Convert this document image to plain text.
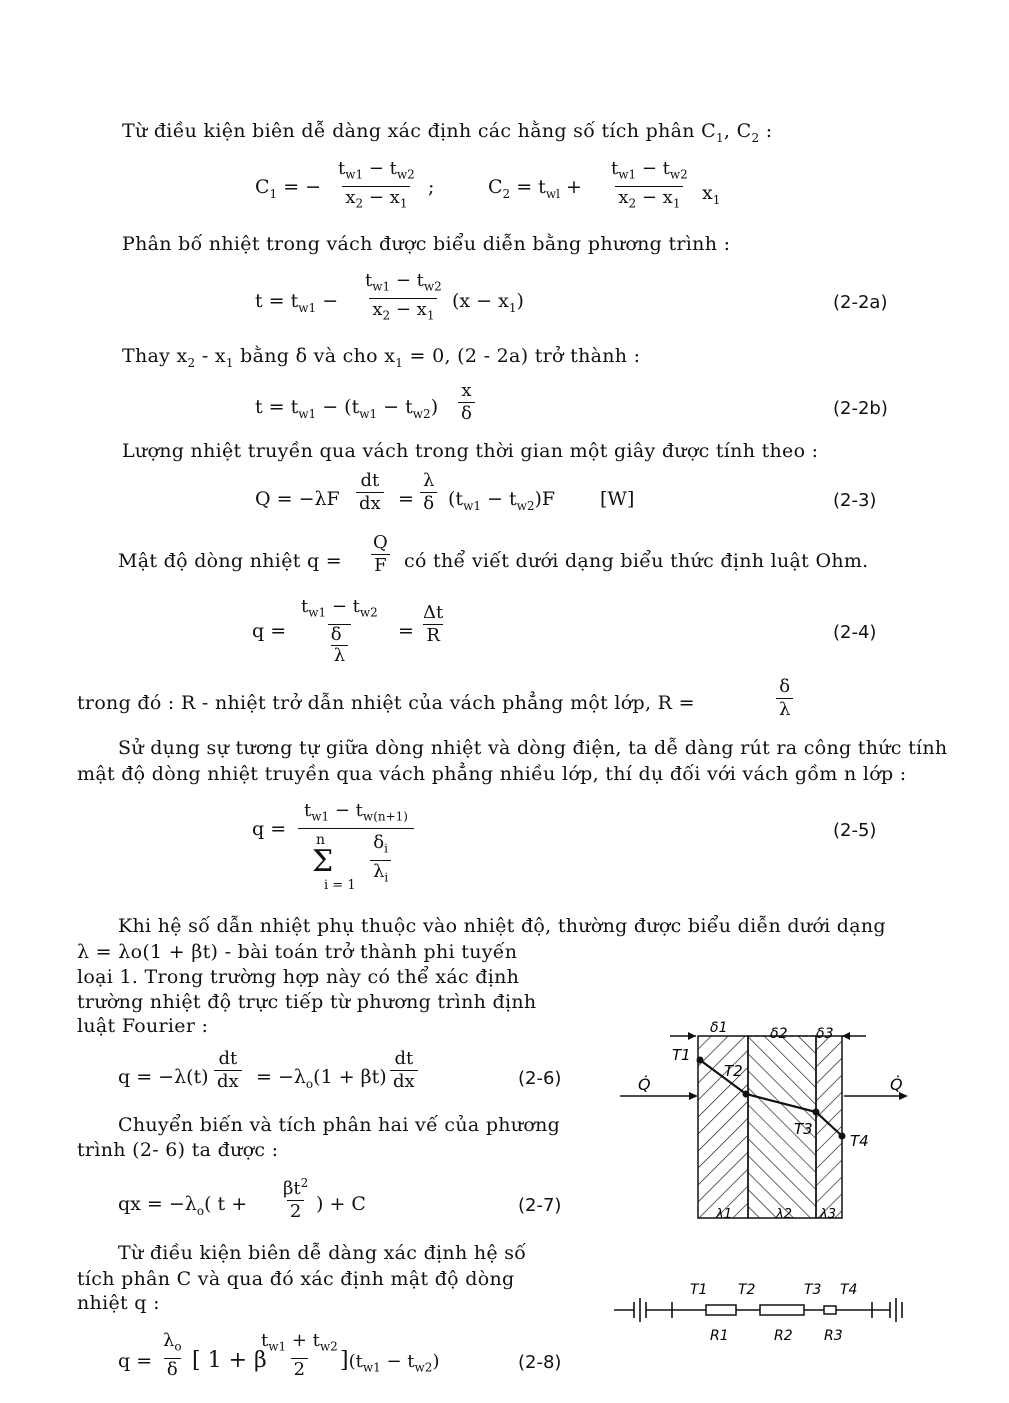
Từ điều kiện biên dễ dàng xác định các hằng số tích phân $C_1$, $C_2$ :
$C_1$ = − $\frac{t_{w1} - t_{w2}}{x_2 - x_1}$ ;	$C_2 = t_{wl} + \frac{t_{w1} - t_{w2}}{x_2 - x_1} x_1$
Phân bố nhiệt trong vách được biểu diễn bằng phương trình :
$t = t_{w1} - \frac{t_{w1} - t_{w2}}{x_2 - x_1} (x - x_1)$	(2-2a)
Thay $x_2 - x_1$ bằng δ và cho $x_1 = 0$, (2 - 2a) trở thành :
$t = t_{w1} - (t_{w1} - t_{w2}) \frac{x}{\delta}$	(2-2b)
Lượng nhiệt truyền qua vách trong thời gian một giây được tính theo :
$Q = -\lambda F \frac{dt}{dx} = \frac{\lambda}{\delta} (t_{w1} - t_{w2})F$ [W]	(2-3)
Mật độ dòng nhiệt $q = \frac{Q}{F}$ có thể viết dưới dạng biểu thức định luật Ohm.
q =
$t_{w1} - t_{w2}$
δ
λ
= $\frac{\Delta t}{R}$	(2-4)
trong đó : R - nhiệt trở dẫn nhiệt của vách phẳng một lớp, R =	$\frac{\delta}{\lambda}$
Sử dụng sự tương tự giữa dòng nhiệt và dòng điện, ta dễ dàng rút ra công thức tính
mật độ dòng nhiệt truyền qua vách phẳng nhiều lớp, thí dụ đối với vách gồm n lớp :
q =
$t_{w1} - t_{w(n+1)}$
n
Σ
$i = 1 \frac{\delta_i}{\lambda_i}$
(2-5)
Khi hệ số dẫn nhiệt phụ thuộc vào nhiệt độ, thường được biểu diễn dưới dạng
λ = λo(1 + βt) - bài toán trở thành phi tuyến
loại 1. Trong trường hợp này có thể xác định
trường nhiệt độ trực tiếp từ phương trình định
luật Fourier :
$q = -\lambda(t) \frac{dt}{dx} = -\lambda_o(1 + \beta t) \frac{dt}{dx}$	(2-6)
Chuyển biến và tích phân hai vế của phương
trình (2- 6) ta được :
qx = $-\lambda_o$( $t + \frac{\beta t^2}{2}$ ) + C	(2-7)
Từ điều kiện biên dễ dàng xác định hệ số
tích phân C và qua đó xác định mật độ dòng
nhiệt q :
$q = \frac{\lambda_o}{\delta}$ [ 1 + β
$\frac{t_{w1} + t_{w2}}{2} ](t_{w1} - t_{w2})$	(2-8)
δ1	δ2 δ3
T1
T2
T3
T4
Q̇	Q̇
λ1	λ2 λ3
T1 T2	T3 T4
R1	R2 R3
